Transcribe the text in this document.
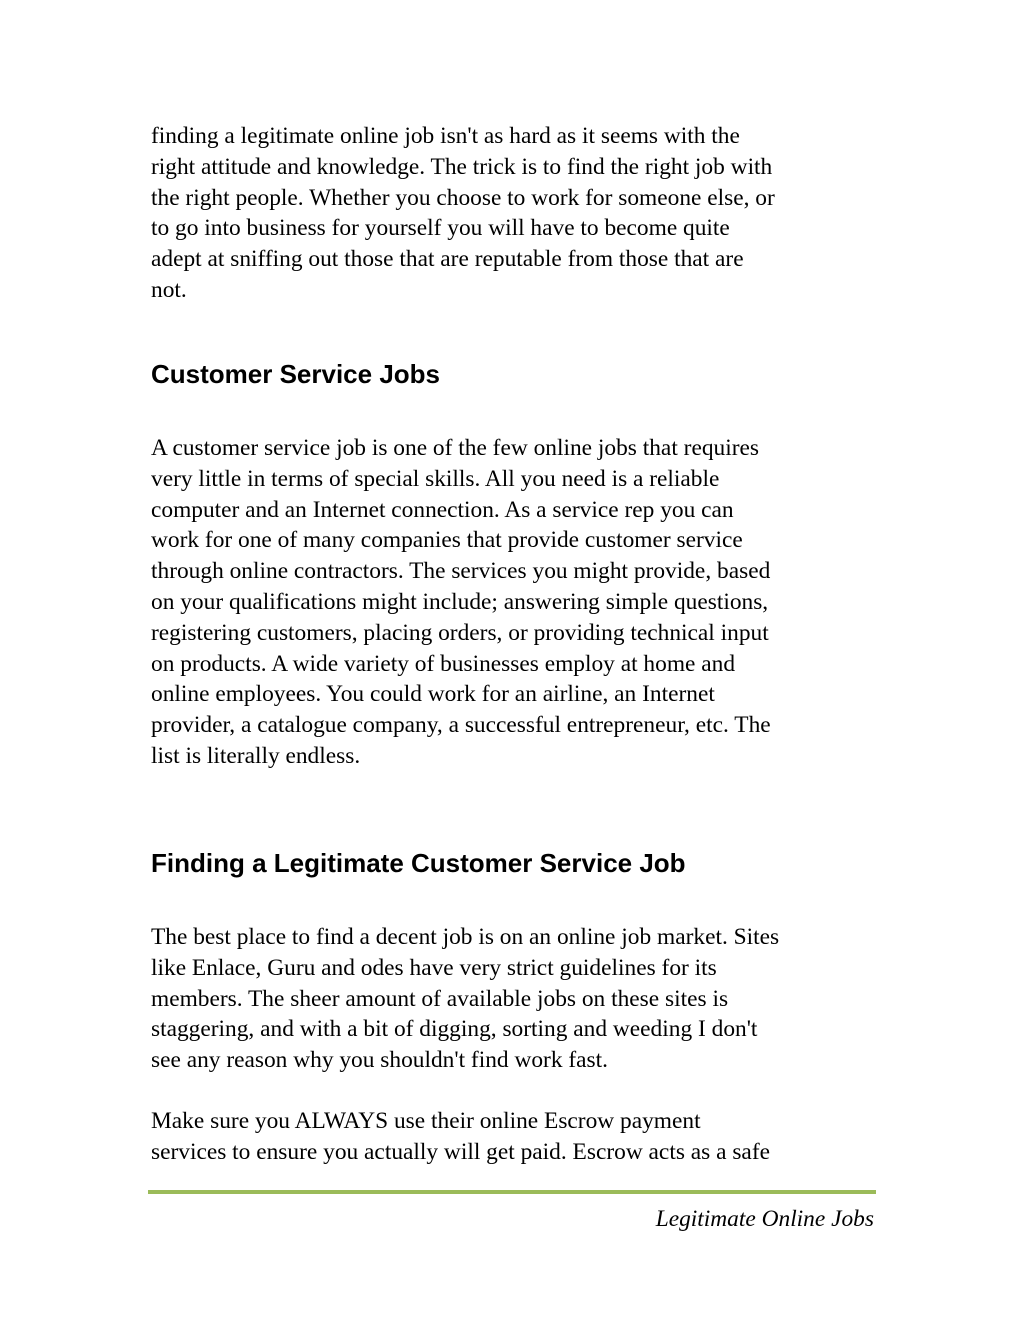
finding a legitimate online job isn't as hard as it seems with the
right attitude and knowledge. The trick is to find the right job with
the right people. Whether you choose to work for someone else, or
to go into business for yourself you will have to become quite
adept at sniffing out those that are reputable from those that are
not.

Customer Service Jobs

A customer service job is one of the few online jobs that requires
very little in terms of special skills. All you need is a reliable
computer and an Internet connection. As a service rep you can
work for one of many companies that provide customer service
through online contractors. The services you might provide, based
on your qualifications might include; answering simple questions,
registering customers, placing orders, or providing technical input
on products. A wide variety of businesses employ at home and
online employees. You could work for an airline, an Internet
provider, a catalogue company, a successful entrepreneur, etc. The
list is literally endless.

Finding a Legitimate Customer Service Job

The best place to find a decent job is on an online job market. Sites
like Enlace, Guru and odes have very strict guidelines for its
members. The sheer amount of available jobs on these sites is
staggering, and with a bit of digging, sorting and weeding I don't
see any reason why you shouldn't find work fast.

Make sure you ALWAYS use their online Escrow payment
services to ensure you actually will get paid. Escrow acts as a safe

Legitimate Online Jobs
